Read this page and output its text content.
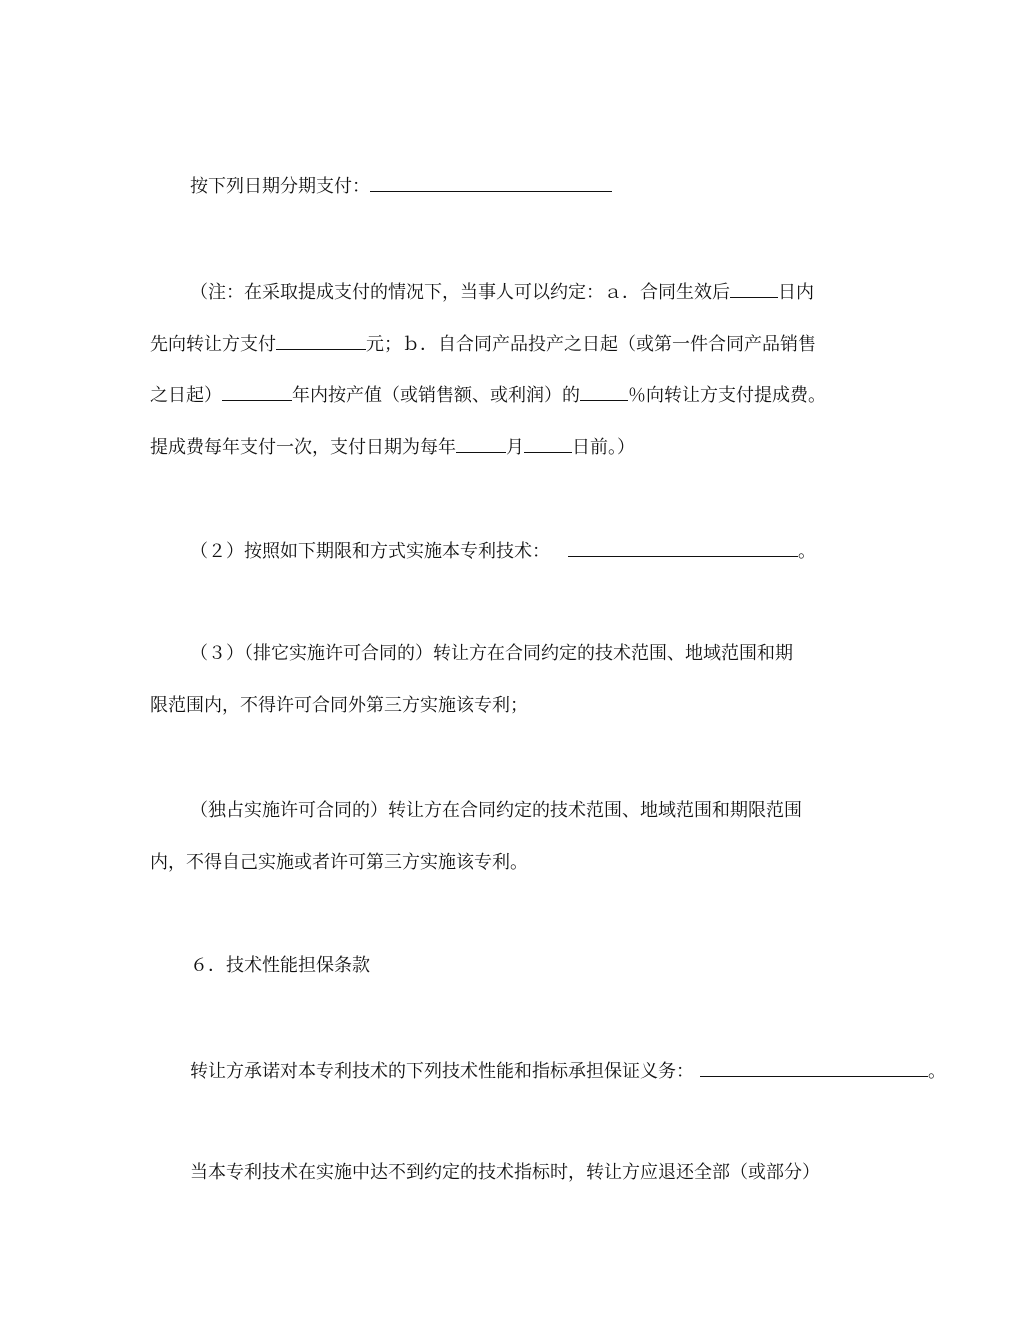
按下列日期分期支付：
（注：在采取提成支付的情况下，当事人可以约定：ａ．合同生效后	日内
先向转让方支付	元；ｂ．自合同产品投产之日起（或第一件合同产品销售
之日起）	年内按产值（或销售额、或利润）的	％向转让方支付提成费。
提成费每年支付一次，支付日期为每年	月	日前。）
（２）按照如下期限和方式实施本专利技术：	。
（３）（排它实施许可合同的）转让方在合同约定的技术范围、地域范围和期
限范围内，不得许可合同外第三方实施该专利；
（独占实施许可合同的）转让方在合同约定的技术范围、地域范围和期限范围
内，不得自己实施或者许可第三方实施该专利。
６．技术性能担保条款
转让方承诺对本专利技术的下列技术性能和指标承担保证义务：	。
当本专利技术在实施中达不到约定的技术指标时，转让方应退还全部（或部分）
